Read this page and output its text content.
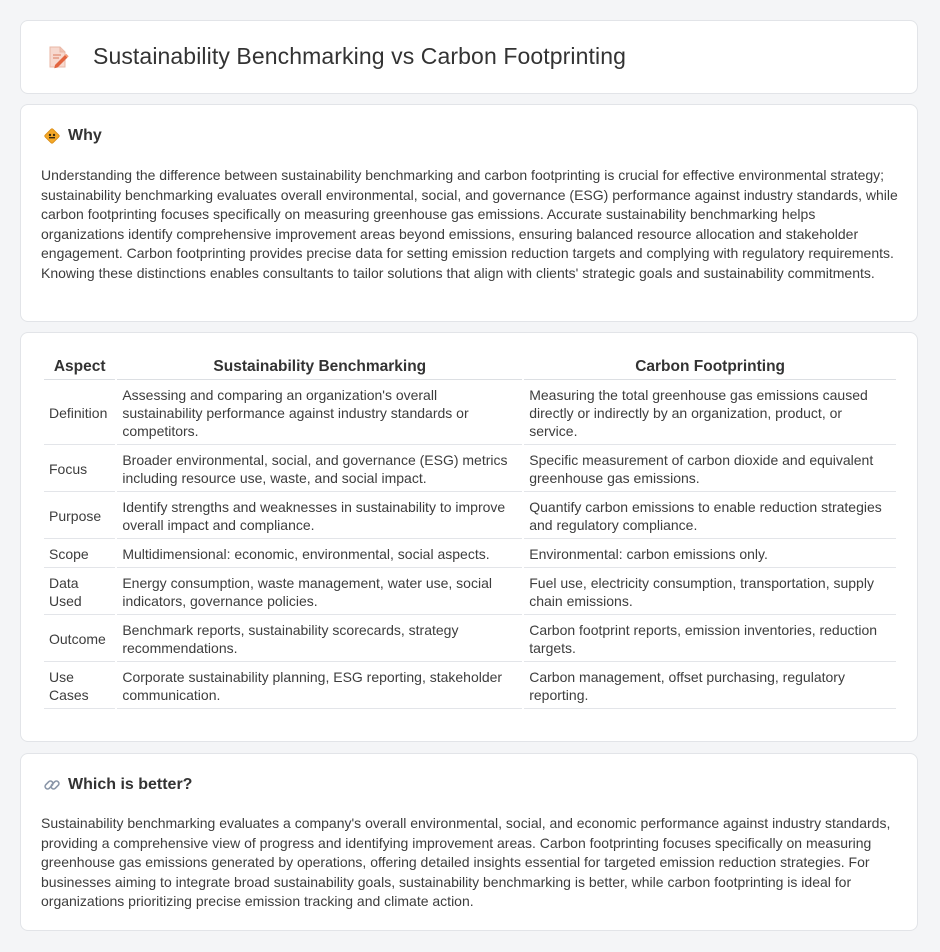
Sustainability Benchmarking vs Carbon Footprinting
Why

Understanding the difference between sustainability benchmarking and carbon footprinting is crucial for effective environmental strategy; sustainability benchmarking evaluates overall environmental, social, and governance (ESG) performance against industry standards, while carbon footprinting focuses specifically on measuring greenhouse gas emissions. Accurate sustainability benchmarking helps organizations identify comprehensive improvement areas beyond emissions, ensuring balanced resource allocation and stakeholder engagement. Carbon footprinting provides precise data for setting emission reduction targets and complying with regulatory requirements. Knowing these distinctions enables consultants to tailor solutions that align with clients' strategic goals and sustainability commitments.

Aspect	Sustainability Benchmarking	Carbon Footprinting
Definition	Assessing and comparing an organization's overall sustainability performance against industry standards or competitors.	Measuring the total greenhouse gas emissions caused directly or indirectly by an organization, product, or service.
Focus	Broader environmental, social, and governance (ESG) metrics including resource use, waste, and social impact.	Specific measurement of carbon dioxide and equivalent greenhouse gas emissions.
Purpose	Identify strengths and weaknesses in sustainability to improve overall impact and compliance.	Quantify carbon emissions to enable reduction strategies and regulatory compliance.
Scope	Multidimensional: economic, environmental, social aspects.	Environmental: carbon emissions only.
Data Used	Energy consumption, waste management, water use, social indicators, governance policies.	Fuel use, electricity consumption, transportation, supply chain emissions.
Outcome	Benchmark reports, sustainability scorecards, strategy recommendations.	Carbon footprint reports, emission inventories, reduction targets.
Use Cases	Corporate sustainability planning, ESG reporting, stakeholder communication.	Carbon management, offset purchasing, regulatory reporting.
Which is better?

Sustainability benchmarking evaluates a company's overall environmental, social, and economic performance against industry standards, providing a comprehensive view of progress and identifying improvement areas. Carbon footprinting focuses specifically on measuring greenhouse gas emissions generated by operations, offering detailed insights essential for targeted emission reduction strategies. For businesses aiming to integrate broad sustainability goals, sustainability benchmarking is better, while carbon footprinting is ideal for organizations prioritizing precise emission tracking and climate action.
